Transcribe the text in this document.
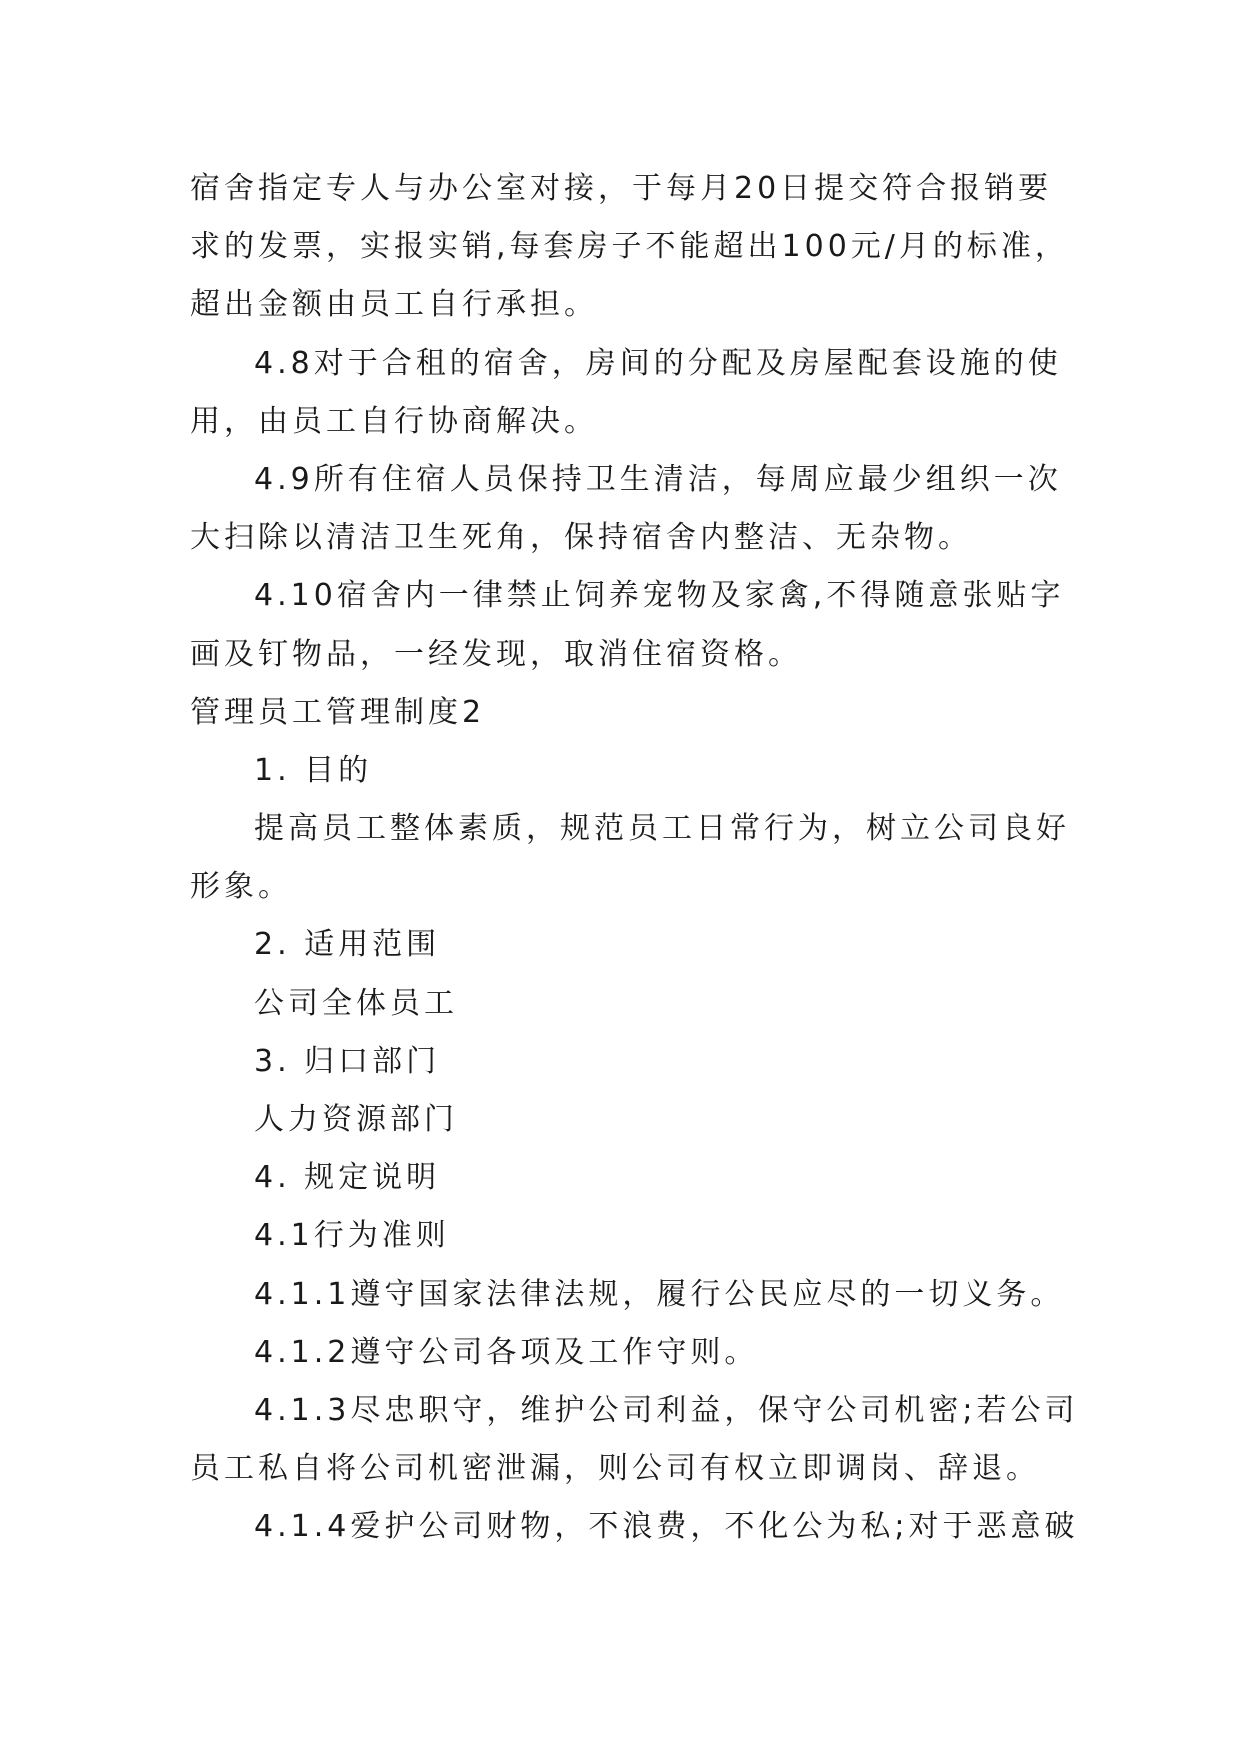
宿舍指定专人与办公室对接，于每月20日提交符合报销要
求的发票，实报实销,每套房子不能超出100元/月的标准，
超出金额由员工自行承担。
4.8对于合租的宿舍，房间的分配及房屋配套设施的使
用，由员工自行协商解决。
4.9所有住宿人员保持卫生清洁，每周应最少组织一次
大扫除以清洁卫生死角，保持宿舍内整洁、无杂物。
4.10宿舍内一律禁止饲养宠物及家禽,不得随意张贴字
画及钉物品，一经发现，取消住宿资格。
管理员工管理制度2
1. 目的
提高员工整体素质，规范员工日常行为，树立公司良好
形象。
2. 适用范围
公司全体员工
3. 归口部门
人力资源部门
4. 规定说明
4.1行为准则
4.1.1遵守国家法律法规，履行公民应尽的一切义务。
4.1.2遵守公司各项及工作守则。
4.1.3尽忠职守，维护公司利益，保守公司机密;若公司
员工私自将公司机密泄漏，则公司有权立即调岗、辞退。
4.1.4爱护公司财物，不浪费，不化公为私;对于恶意破
